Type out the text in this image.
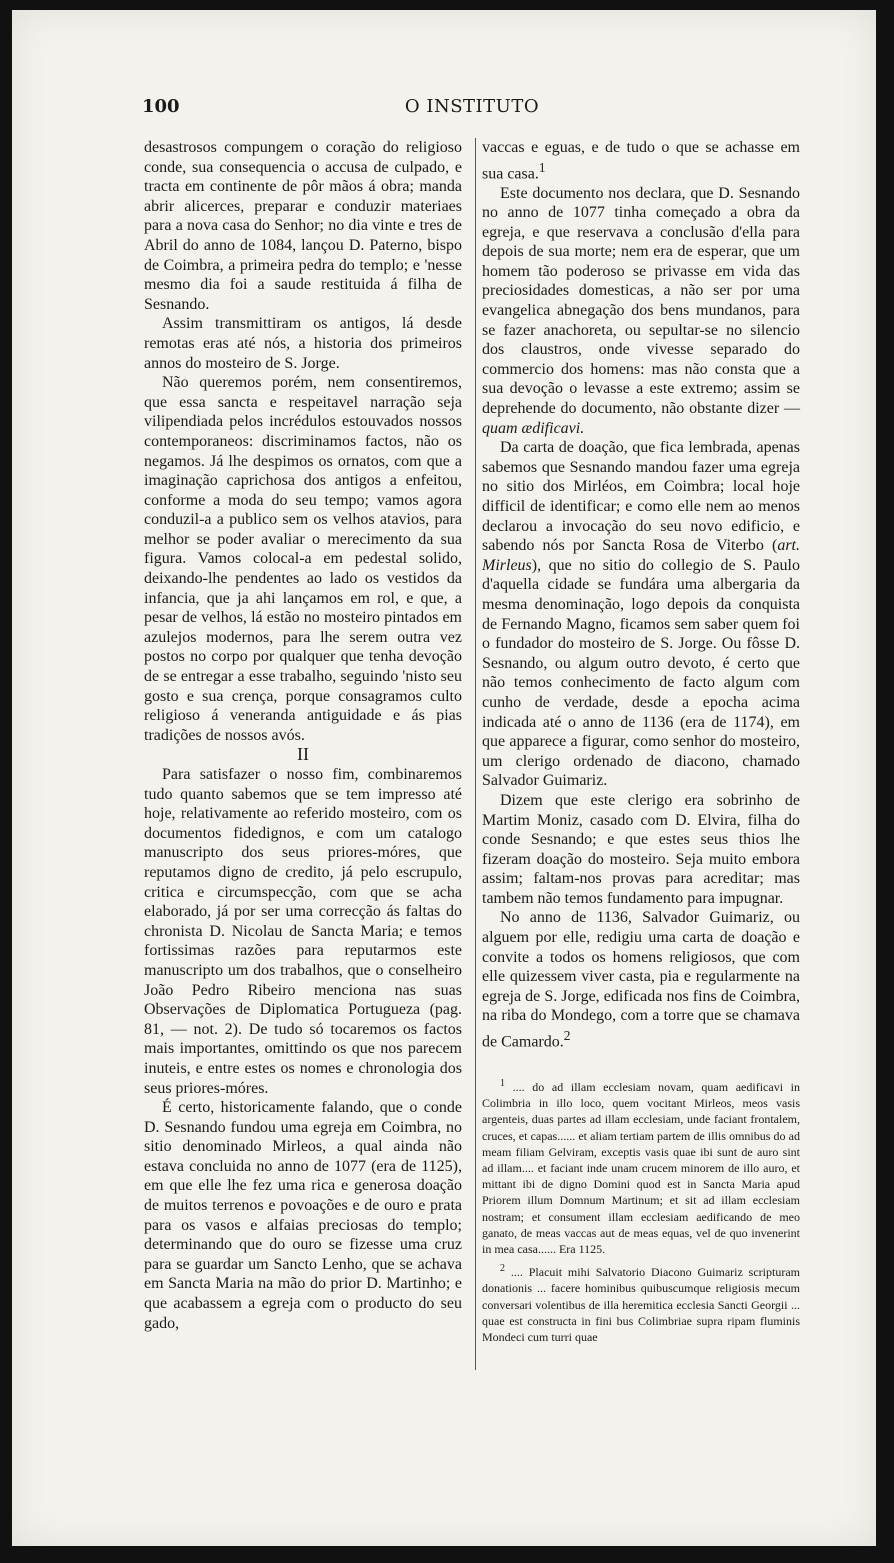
100	O INSTITUTO

desastrosos compungem o coração do religioso conde, sua consequencia o accusa de culpado, e tracta em continente de pôr mãos á obra; manda abrir alicerces, preparar e conduzir materiaes para a nova casa do Senhor; no dia vinte e tres de Abril do anno de 1084, lançou D. Paterno, bispo de Coimbra, a primeira pedra do templo; e 'nesse mesmo dia foi a saude restituida á filha de Sesnando.

Assim transmittiram os antigos, lá desde remotas eras até nós, a historia dos primeiros annos do mosteiro de S. Jorge.

Não queremos porém, nem consentiremos, que essa sancta e respeitavel narração seja vilipendiada pelos incrédulos estouvados nossos contemporaneos: discriminamos factos, não os negamos. Já lhe despimos os ornatos, com que a imaginação caprichosa dos antigos a enfeitou, conforme a moda do seu tempo; vamos agora conduzil-a a publico sem os velhos atavios, para melhor se poder avaliar o merecimento da sua figura. Vamos colocal-a em pedestal solido, deixando-lhe pendentes ao lado os vestidos da infancia, que ja ahi lançamos em rol, e que, a pesar de velhos, lá estão no mosteiro pintados em azulejos modernos, para lhe serem outra vez postos no corpo por qualquer que tenha devoção de se entregar a esse trabalho, seguindo 'nisto seu gosto e sua crença, porque consagramos culto religioso á veneranda antiguidade e ás pias tradições de nossos avós.

II

Para satisfazer o nosso fim, combinaremos tudo quanto sabemos que se tem impresso até hoje, relativamente ao referido mosteiro, com os documentos fidedignos, e com um catalogo manuscripto dos seus priores-móres, que reputamos digno de credito, já pelo escrupulo, critica e circumspecção, com que se acha elaborado, já por ser uma correcção ás faltas do chronista D. Nicolau de Sancta Maria; e temos fortissimas razões para reputarmos este manuscripto um dos trabalhos, que o conselheiro João Pedro Ribeiro menciona nas suas Observações de Diplomatica Portugueza (pag. 81, — not. 2). De tudo só tocaremos os factos mais importantes, omittindo os que nos parecem inuteis, e entre estes os nomes e chronologia dos seus priores-móres.

É certo, historicamente falando, que o conde D. Sesnando fundou uma egreja em Coimbra, no sitio denominado Mirleos, a qual ainda não estava concluida no anno de 1077 (era de 1125), em que elle lhe fez uma rica e generosa doação de muitos terrenos e povoações e de ouro e prata para os vasos e alfaias preciosas do templo; determinando que do ouro se fizesse uma cruz para se guardar um Sancto Lenho, que se achava em Sancta Maria na mão do prior D. Martinho; e que acabassem a egreja com o producto do seu gado,

vaccas e eguas, e de tudo o que se achasse em sua casa.$^1$

Este documento nos declara, que D. Sesnando no anno de 1077 tinha começado a obra da egreja, e que reservava a conclusão d'ella para depois de sua morte; nem era de esperar, que um homem tão poderoso se privasse em vida das preciosidades domesticas, a não ser por uma evangelica abnegação dos bens mundanos, para se fazer anachoreta, ou sepultar-se no silencio dos claustros, onde vivesse separado do commercio dos homens: mas não consta que a sua devoção o levasse a este extremo; assim se deprehende do documento, não obstante dizer —quam ædificavi.

Da carta de doação, que fica lembrada, apenas sabemos que Sesnando mandou fazer uma egreja no sitio dos Mirléos, em Coimbra; local hoje difficil de identificar; e como elle nem ao menos declarou a invocação do seu novo edificio, e sabendo nós por Sancta Rosa de Viterbo (art. Mirleus), que no sitio do collegio de S. Paulo d'aquella cidade se fundára uma albergaria da mesma denominação, logo depois da conquista de Fernando Magno, ficamos sem saber quem foi o fundador do mosteiro de S. Jorge. Ou fôsse D. Sesnando, ou algum outro devoto, é certo que não temos conhecimento de facto algum com cunho de verdade, desde a epocha acima indicada até o anno de 1136 (era de 1174), em que apparece a figurar, como senhor do mosteiro, um clerigo ordenado de diacono, chamado Salvador Guimariz.

Dizem que este clerigo era sobrinho de Martim Moniz, casado com D. Elvira, filha do conde Sesnando; e que estes seus thios lhe fizeram doação do mosteiro. Seja muito embora assim; faltam-nos provas para acreditar; mas tambem não temos fundamento para impugnar.

No anno de 1136, Salvador Guimariz, ou alguem por elle, redigiu uma carta de doação e convite a todos os homens religiosos, que com elle quizessem viver casta, pia e regularmente na egreja de S. Jorge, edificada nos fins de Coimbra, na riba do Mondego, com a torre que se chamava de Camardo.$^2$

$^1$ .... do ad illam ecclesiam novam, quam aedificavi in Colimbria in illo loco, quem vocitant Mirleos, meos vasis argenteis, duas partes ad illam ecclesiam, unde faciant frontalem, cruces, et capas...... et aliam tertiam partem de illis omnibus do ad meam filiam Gelviram, exceptis vasis quae ibi sunt de auro sint ad illam.... et faciant inde unam crucem minorem de illo auro, et mittant ibi de digno Domini quod est in Sancta Maria apud Priorem illum Domnum Martinum; et sit ad illam ecclesiam nostram; et consument illam ecclesiam aedificando de meo ganato, de meas vaccas aut de meas equas, vel de quo invenerint in mea casa...... Era 1125.

$^2$ .... Placuit mihi Salvatorio Diacono Guimariz scripturam donationis ... facere hominibus quibuscumque religiosis mecum conversari volentibus de illa heremitica ecclesia Sancti Georgii ... quae est constructa in fini bus Colimbriae supra ripam fluminis Mondeci cum turri quae
